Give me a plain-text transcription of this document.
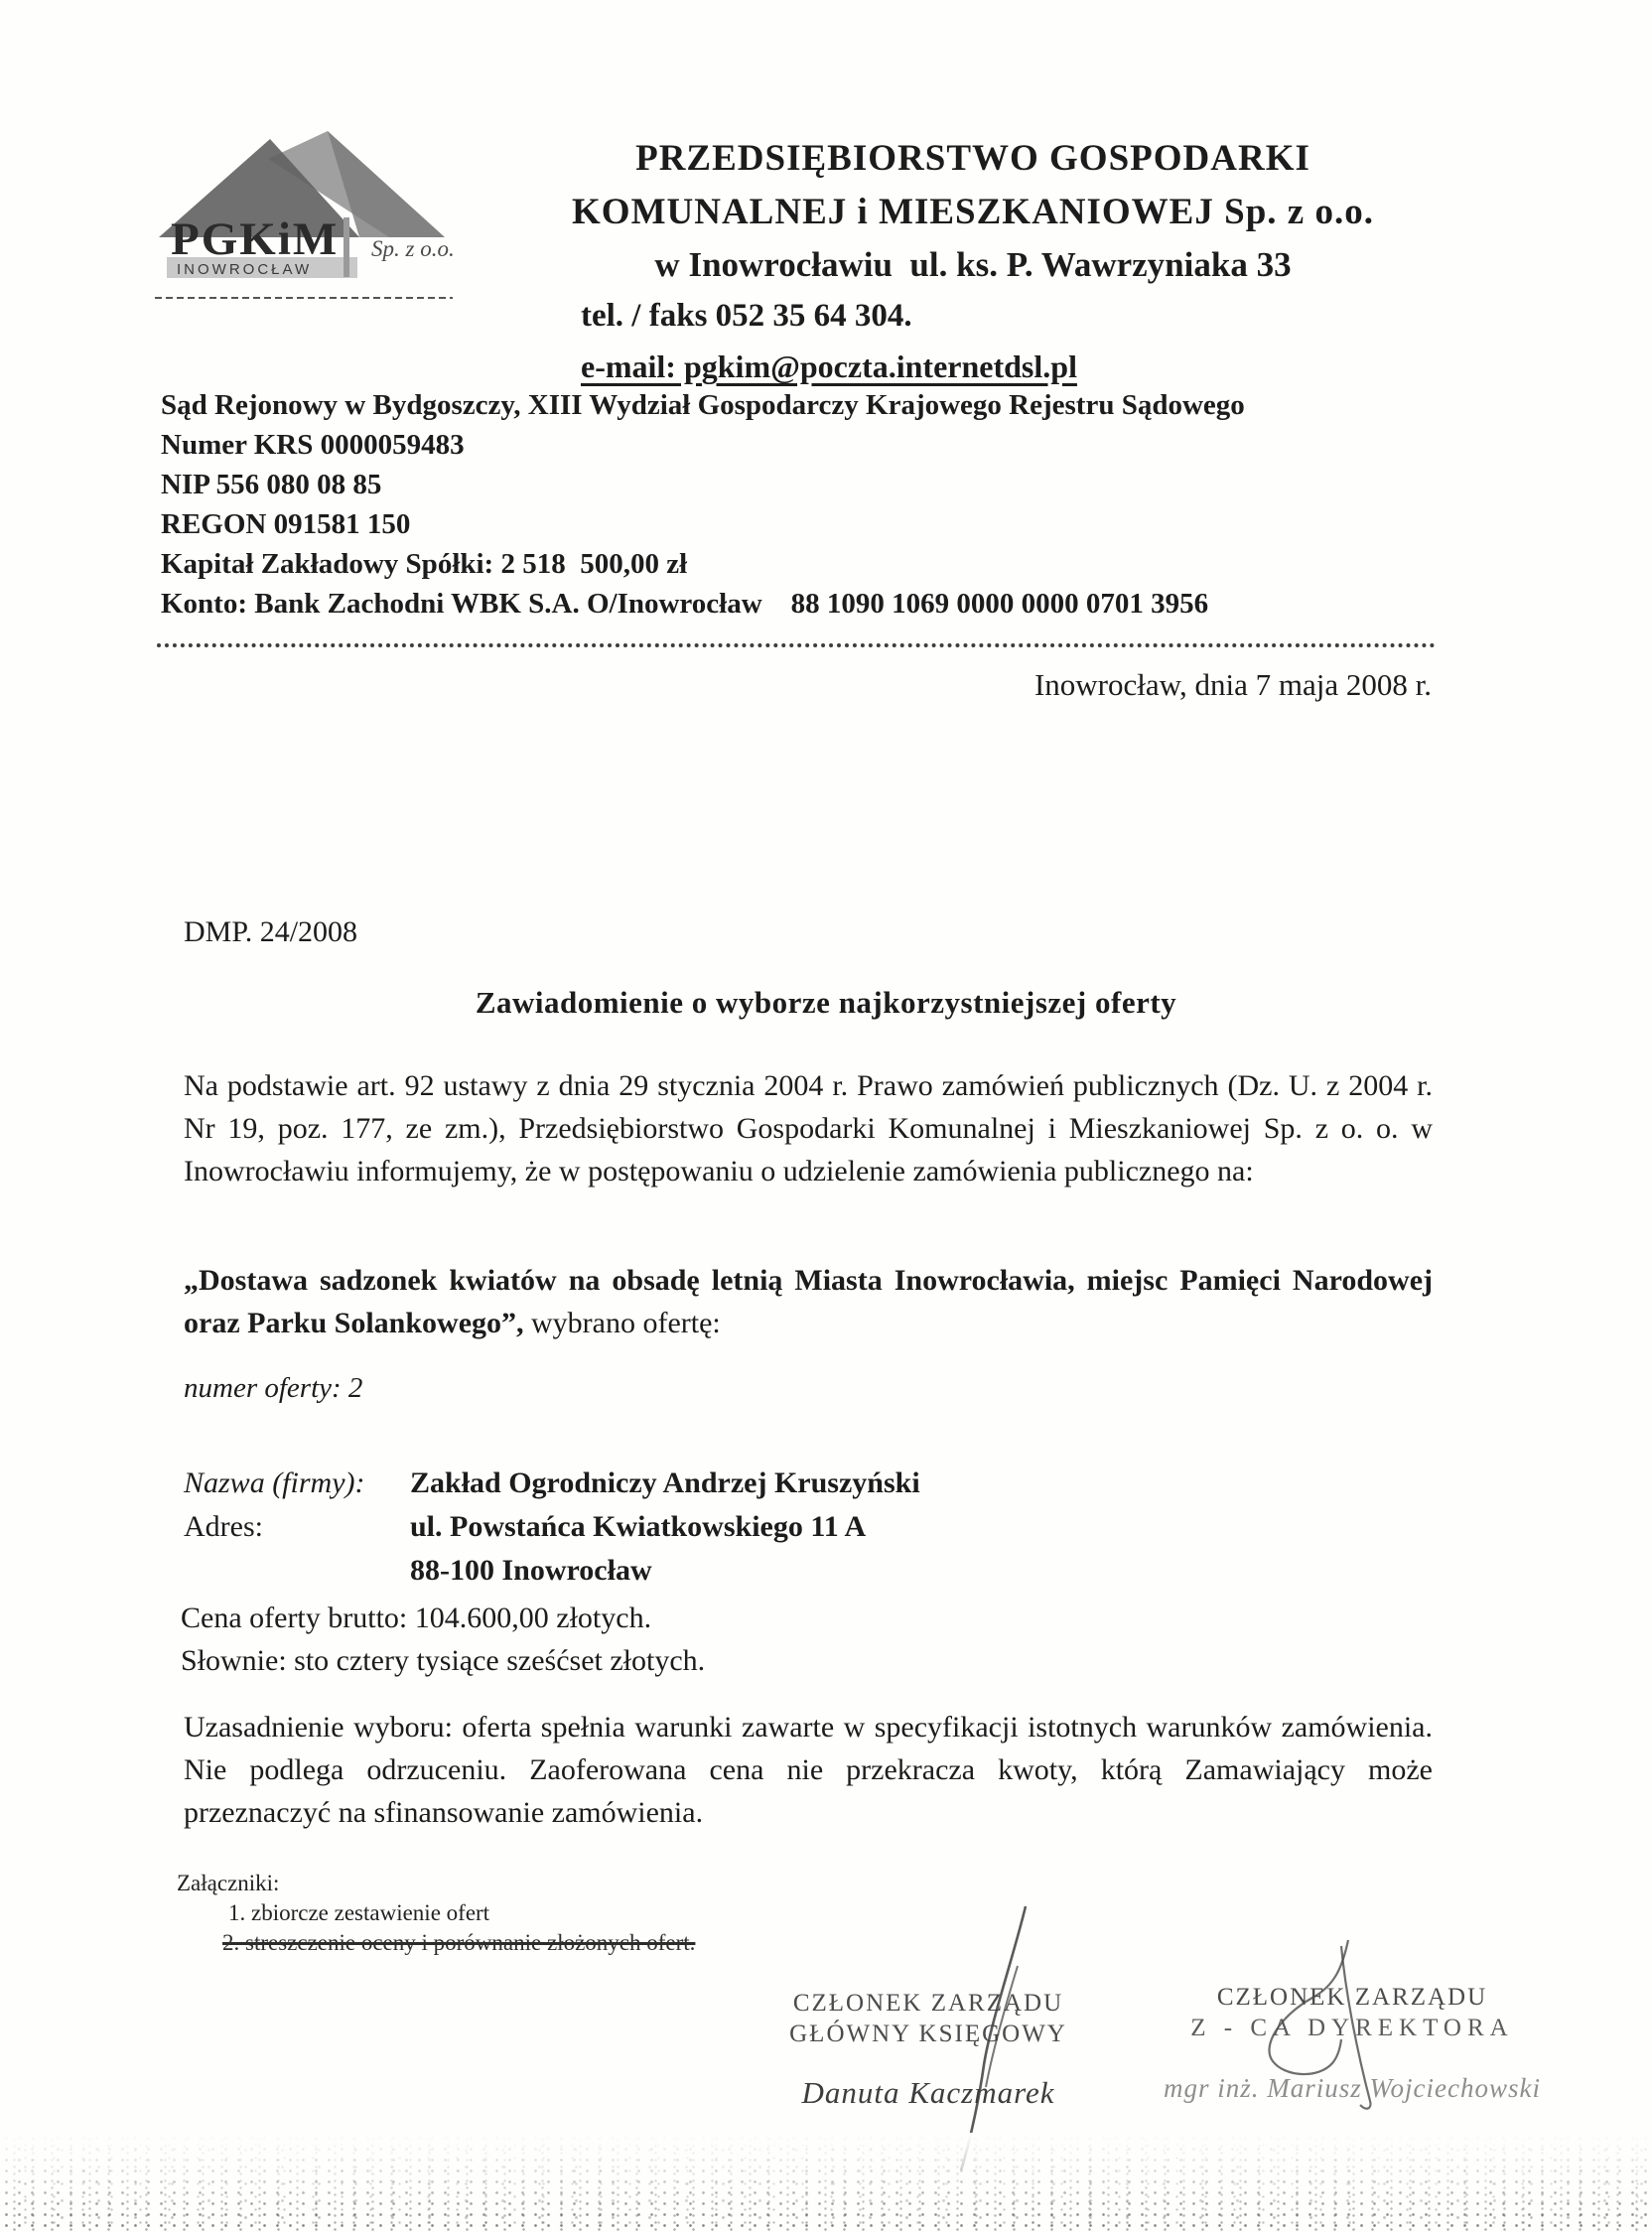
PGKiM Sp. z o.o.
INOWROCŁAW
PRZEDSIĘBIORSTWO GOSPODARKI
KOMUNALNEJ i MIESZKANIOWEJ Sp. z o.o.
w Inowrocławiu  ul. ks. P. Wawrzyniaka 33
tel. / faks 052 35 64 304.
e-mail: pgkim@poczta.internetdsl.pl
Sąd Rejonowy w Bydgoszczy, XIII Wydział Gospodarczy Krajowego Rejestru Sądowego
Numer KRS 0000059483
NIP 556 080 08 85
REGON 091581 150
Kapitał Zakładowy Spółki: 2 518  500,00 zł
Konto: Bank Zachodni WBK S.A. O/Inowrocław    88 1090 1069 0000 0000 0701 3956
Inowrocław, dnia 7 maja 2008 r.
DMP. 24/2008
Zawiadomienie o wyborze najkorzystniejszej oferty
Na podstawie art. 92 ustawy z dnia 29 stycznia 2004 r. Prawo zamówień publicznych (Dz. U. z 2004 r. Nr 19, poz. 177, ze zm.), Przedsiębiorstwo Gospodarki Komunalnej i Mieszkaniowej Sp. z o. o. w Inowrocławiu informujemy, że w postępowaniu o udzielenie zamówienia publicznego na:
„Dostawa sadzonek kwiatów na obsadę letnią Miasta Inowrocławia, miejsc Pamięci Narodowej oraz Parku Solankowego”, wybrano ofertę:
numer oferty: 2
Nazwa (firmy):	Zakład Ogrodniczy Andrzej Kruszyński
Adres:	ul. Powstańca Kwiatkowskiego 11 A
88-100 Inowrocław
Cena oferty brutto: 104.600,00 złotych.
Słownie: sto cztery tysiące sześćset złotych.
Uzasadnienie wyboru: oferta spełnia warunki zawarte w specyfikacji istotnych warunków zamówienia. Nie podlega odrzuceniu. Zaoferowana cena nie przekracza kwoty, którą Zamawiający może przeznaczyć na sfinansowanie zamówienia.
Załączniki:
1. zbiorcze zestawienie ofert
2. streszczenie oceny i porównanie złożonych ofert.
CZŁONEK ZARZĄDU
GŁÓWNY KSIĘGOWY
Danuta Kaczmarek
CZŁONEK ZARZĄDU
Z - CA DYREKTORA
mgr inż. Mariusz Wojciechowski
